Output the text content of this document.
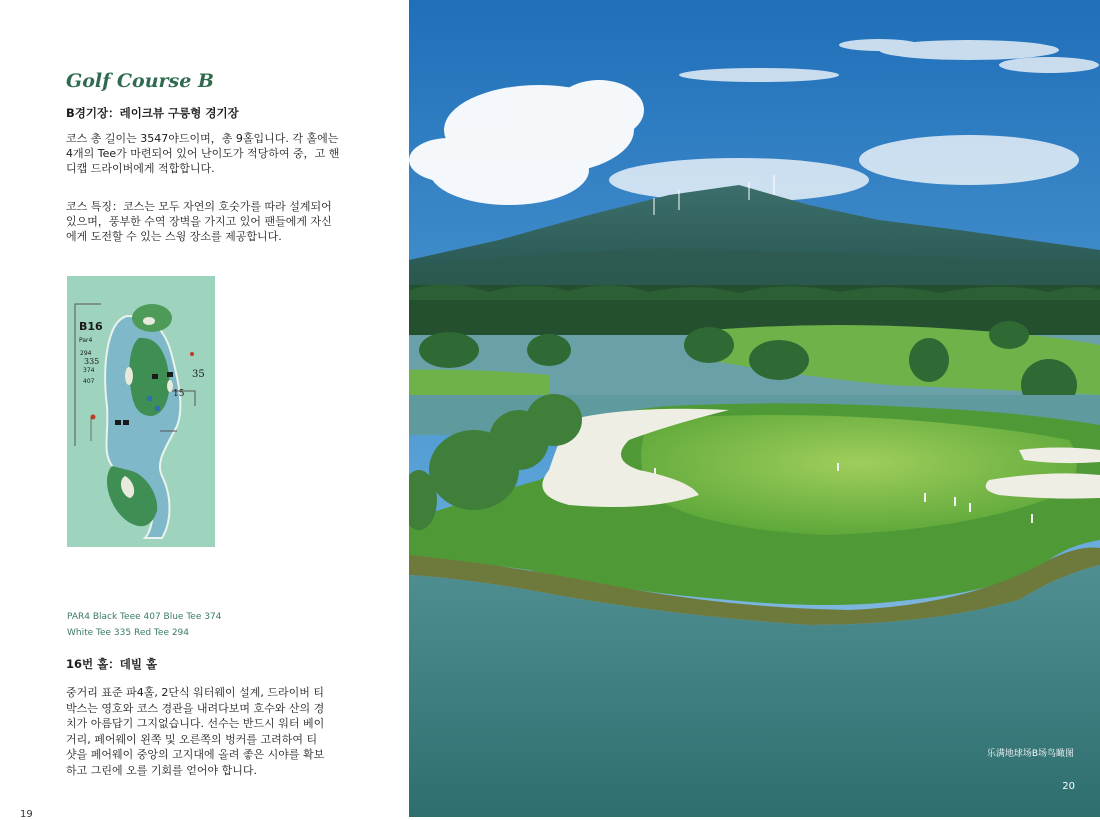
Golf Course B
B경기장：레이크뷰 구릉형 경기장
코스 총 길이는 3547야드이며，총 9홀입니다. 각 홀에는 4개의 Tee가 마련되어 있어 난이도가 적당하여 중，고 핸디캡 드라이버에게 적합합니다.
코스 특징：코스는 모두 자연의 호숫가를 따라 설계되어 있으며，풍부한 수역 장벽을 가지고 있어 팬들에게 자신에게 도전할 수 있는 스윙 장소를 제공합니다.
B16
Par4
294
335
374
407
35
15
PAR4 Black Teee 407 Blue Tee 374
White Tee 335 Red Tee 294
16번 홀：데빌 홀
중거리 표준 파4홀, 2단식 워터웨이 설계, 드라이버 티박스는 영호와 코스 경관을 내려다보며 호수와 산의 경치가 아름답기 그지없습니다. 선수는 반드시 워터 베이 거리, 페어웨이 왼쪽 및 오른쪽의 벙커를 고려하여 티샷을 페어웨이 중앙의 고지대에 올려 좋은 시야를 확보하고 그린에 오를 기회를 얻어야 합니다.
19
乐满地球场B场鸟瞰图
20
